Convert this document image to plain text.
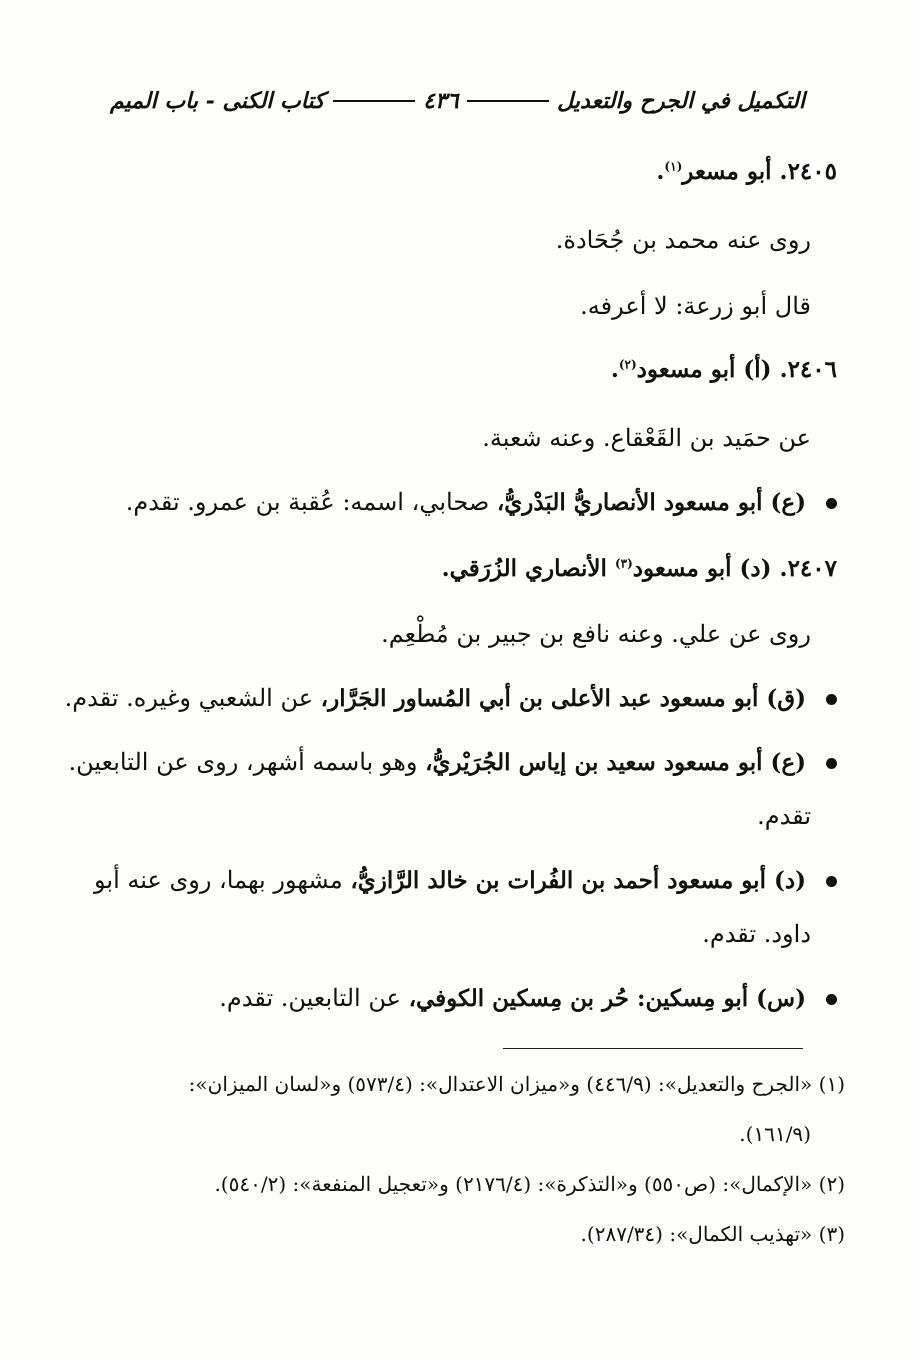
التكميل في الجرح والتعديل
٤٣٦
كتاب الكنى - باب الميم
٢٤٠٥. أبو مسعر$^{(١)}$.
روى عنه محمد بن جُحَادة.
قال أبو زرعة: لا أعرفه.
٢٤٠٦. (أ) أبو مسعود$^{(٢)}$.
عن حمَيد بن القَعْقاع. وعنه شعبة.
(ع) أبو مسعود الأنصاريُّ البَدْريُّ، صحابي، اسمه: عُقبة بن عمرو. تقدم.
٢٤٠٧. (د) أبو مسعود$^{(٣)}$ الأنصاري الزُرَقي.
روى عن علي. وعنه نافع بن جبير بن مُطْعِم.
(ق) أبو مسعود عبد الأعلى بن أبي المُساور الجَرَّار، عن الشعبي وغيره. تقدم.
(ع) أبو مسعود سعيد بن إياس الجُرَيْريُّ، وهو باسمه أشهر، روى عن التابعين.
تقدم.
(د) أبو مسعود أحمد بن الفُرات بن خالد الرَّازيُّ، مشهور بهما، روى عنه أبو
داود. تقدم.
(س) أبو مِسكين: حُر بن مِسكين الكوفي، عن التابعين. تقدم.
(١) «الجرح والتعديل»: (٤٤٦/٩) و«ميزان الاعتدال»: (٥٧٣/٤) و«لسان الميزان»:
(١٦١/٩).
(٢) «الإكمال»: (ص٥٥٠) و«التذكرة»: (٢١٧٦/٤) و«تعجيل المنفعة»: (٥٤٠/٢).
(٣) «تهذيب الكمال»: (٢٨٧/٣٤).
